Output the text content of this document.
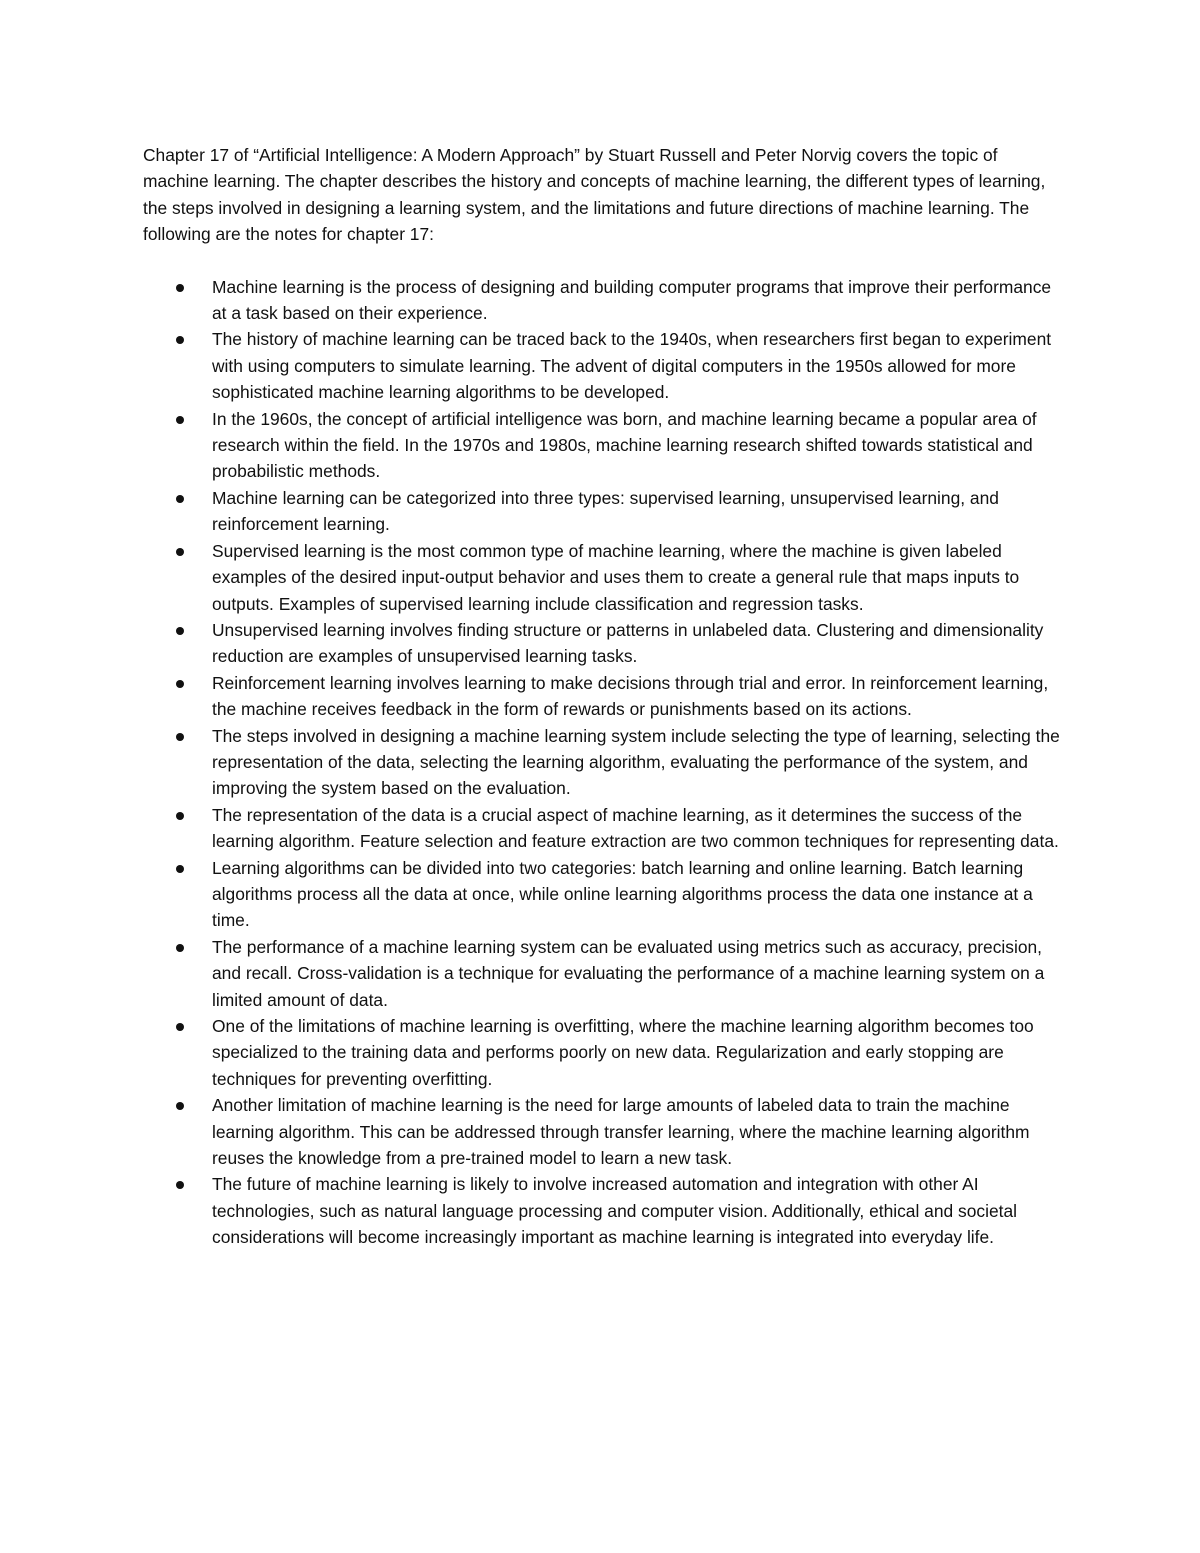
Chapter 17 of “Artificial Intelligence: A Modern Approach” by Stuart Russell and Peter Norvig covers the topic of machine learning. The chapter describes the history and concepts of machine learning, the different types of learning, the steps involved in designing a learning system, and the limitations and future directions of machine learning. The following are the notes for chapter 17:

Machine learning is the process of designing and building computer programs that improve their performance at a task based on their experience.
The history of machine learning can be traced back to the 1940s, when researchers first began to experiment with using computers to simulate learning. The advent of digital computers in the 1950s allowed for more sophisticated machine learning algorithms to be developed.
In the 1960s, the concept of artificial intelligence was born, and machine learning became a popular area of research within the field. In the 1970s and 1980s, machine learning research shifted towards statistical and probabilistic methods.
Machine learning can be categorized into three types: supervised learning, unsupervised learning, and reinforcement learning.
Supervised learning is the most common type of machine learning, where the machine is given labeled examples of the desired input-output behavior and uses them to create a general rule that maps inputs to outputs. Examples of supervised learning include classification and regression tasks.
Unsupervised learning involves finding structure or patterns in unlabeled data. Clustering and dimensionality reduction are examples of unsupervised learning tasks.
Reinforcement learning involves learning to make decisions through trial and error. In reinforcement learning, the machine receives feedback in the form of rewards or punishments based on its actions.
The steps involved in designing a machine learning system include selecting the type of learning, selecting the representation of the data, selecting the learning algorithm, evaluating the performance of the system, and improving the system based on the evaluation.
The representation of the data is a crucial aspect of machine learning, as it determines the success of the learning algorithm. Feature selection and feature extraction are two common techniques for representing data.
Learning algorithms can be divided into two categories: batch learning and online learning. Batch learning algorithms process all the data at once, while online learning algorithms process the data one instance at a time.
The performance of a machine learning system can be evaluated using metrics such as accuracy, precision, and recall. Cross-validation is a technique for evaluating the performance of a machine learning system on a limited amount of data.
One of the limitations of machine learning is overfitting, where the machine learning algorithm becomes too specialized to the training data and performs poorly on new data. Regularization and early stopping are techniques for preventing overfitting.
Another limitation of machine learning is the need for large amounts of labeled data to train the machine learning algorithm. This can be addressed through transfer learning, where the machine learning algorithm reuses the knowledge from a pre-trained model to learn a new task.
The future of machine learning is likely to involve increased automation and integration with other AI technologies, such as natural language processing and computer vision. Additionally, ethical and societal considerations will become increasingly important as machine learning is integrated into everyday life.
